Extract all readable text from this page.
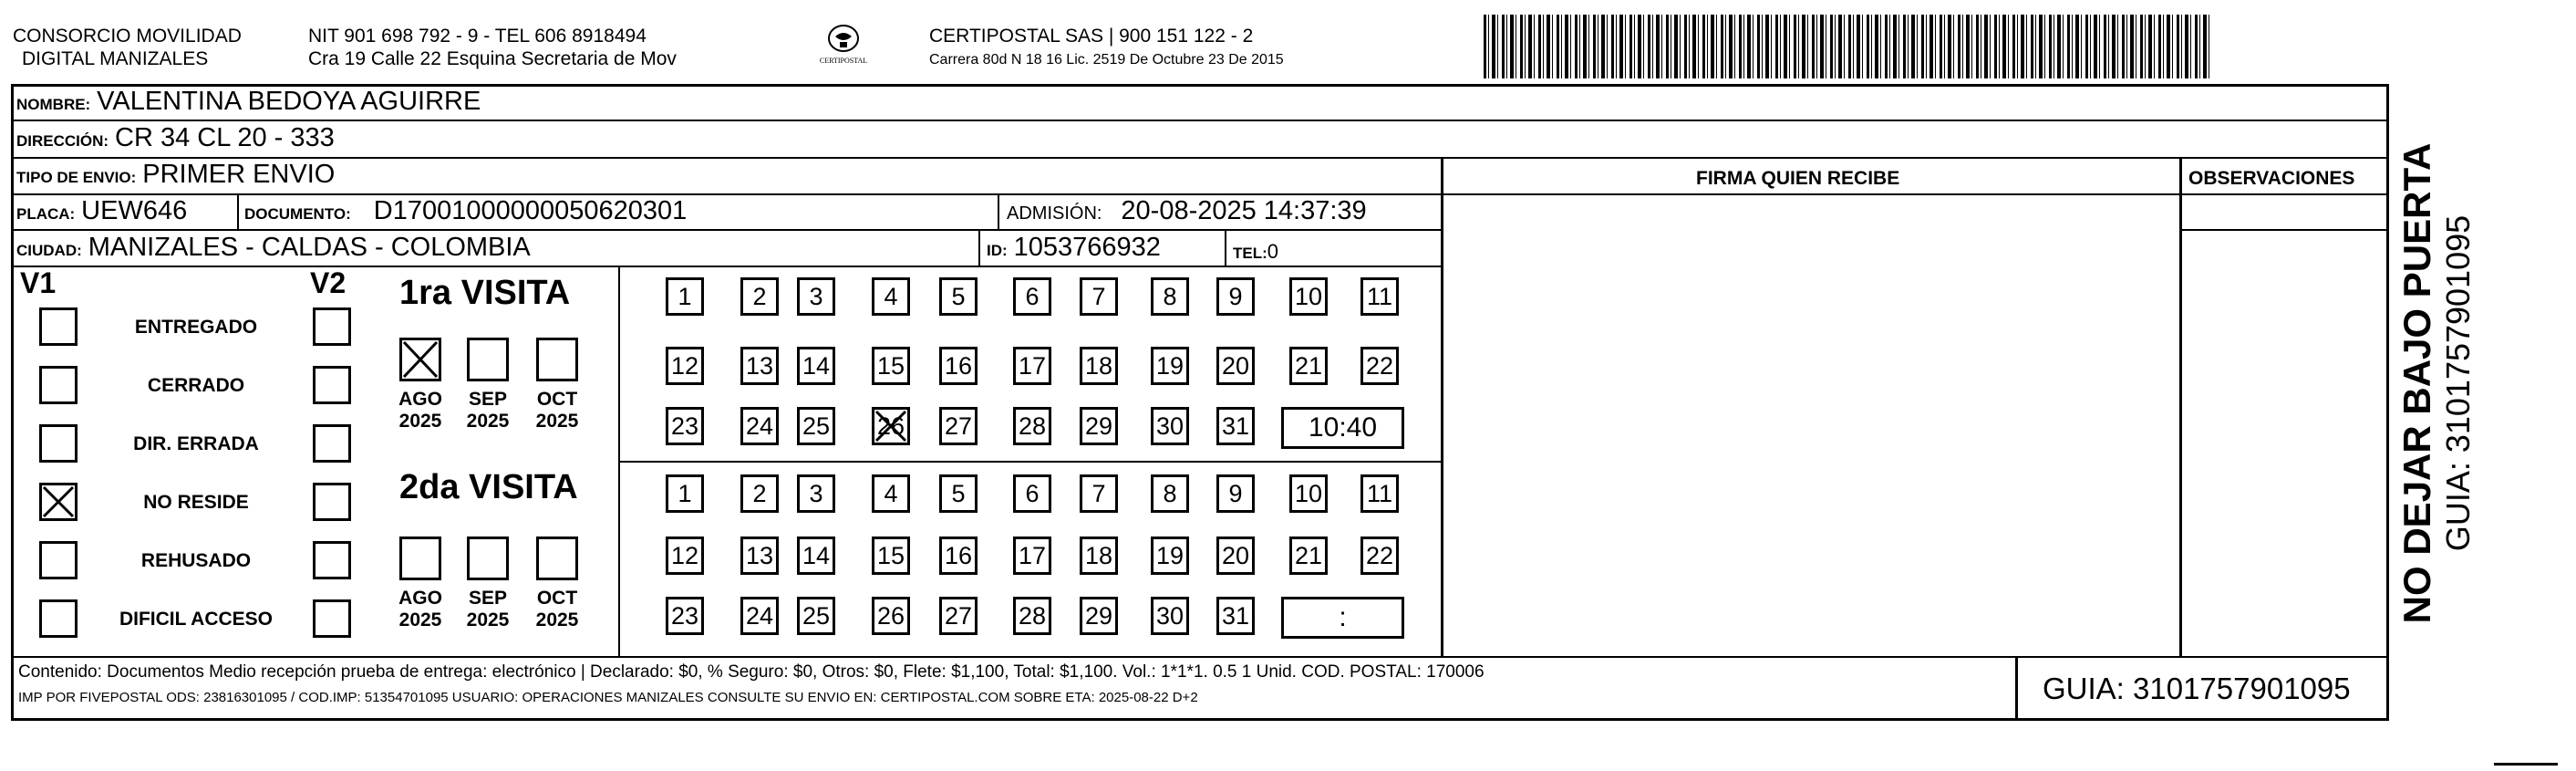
CONSORCIO MOVILIDAD
DIGITAL MANIZALES
NIT 901 698 792 - 9 - TEL 606 8918494
Cra 19 Calle 22 Esquina Secretaria de Mov	CERTIPOSTAL
CERTIPOSTAL SAS | 900 151 122 - 2
Carrera 80d N 18 16 Lic. 2519 De Octubre 23 De 2015
NOMBRE: VALENTINA BEDOYA AGUIRRE
DIRECCIÓN: CR 34 CL 20 - 333
TIPO DE ENVIO: PRIMER ENVIO
PLACA: UEW646	DOCUMENTO: D17001000000050620301	ADMISIÓN: 20-08-2025 14:37:39
CIUDAD: MANIZALES - CALDAS - COLOMBIA	ID: 1053766932	TEL:0
FIRMA QUIEN RECIBE	OBSERVACIONES
V1	V2
ENTREGADO
CERRADO
DIR. ERRADA
NO RESIDE
REHUSADO
DIFICIL ACCESO
1ra VISITA
2da VISITA
AGO
2025
SEP
2025
OCT
2025
1	2	3	4	5	6	7	8	9	10 11
12 13 14 15 16 17 18 19 20 21 22
23 24 25 26 27 28 29 30 31	10:40
AGO
2025
SEP
2025
OCT
2025
1	2	3	4	5	6	7	8	9	10 11
12 13 14 15 16 17 18 19 20 21 22
23 24 25 26 27 28 29 30 31	:
Contenido: Documentos Medio recepción prueba de entrega: electrónico | Declarado: $0, % Seguro: $0, Otros: $0, Flete: $1,100, Total: $1,100. Vol.: 1*1*1. 0.5 1 Unid. COD. POSTAL: 170006
IMP POR FIVEPOSTAL ODS: 23816301095 / COD.IMP: 51354701095 USUARIO: OPERACIONES MANIZALES CONSULTE SU ENVIO EN: CERTIPOSTAL.COM SOBRE ETA: 2025-08-22 D+2	GUIA: 3101757901095
NO DEJAR BAJO PUERTA GUIA: 3101757901095
